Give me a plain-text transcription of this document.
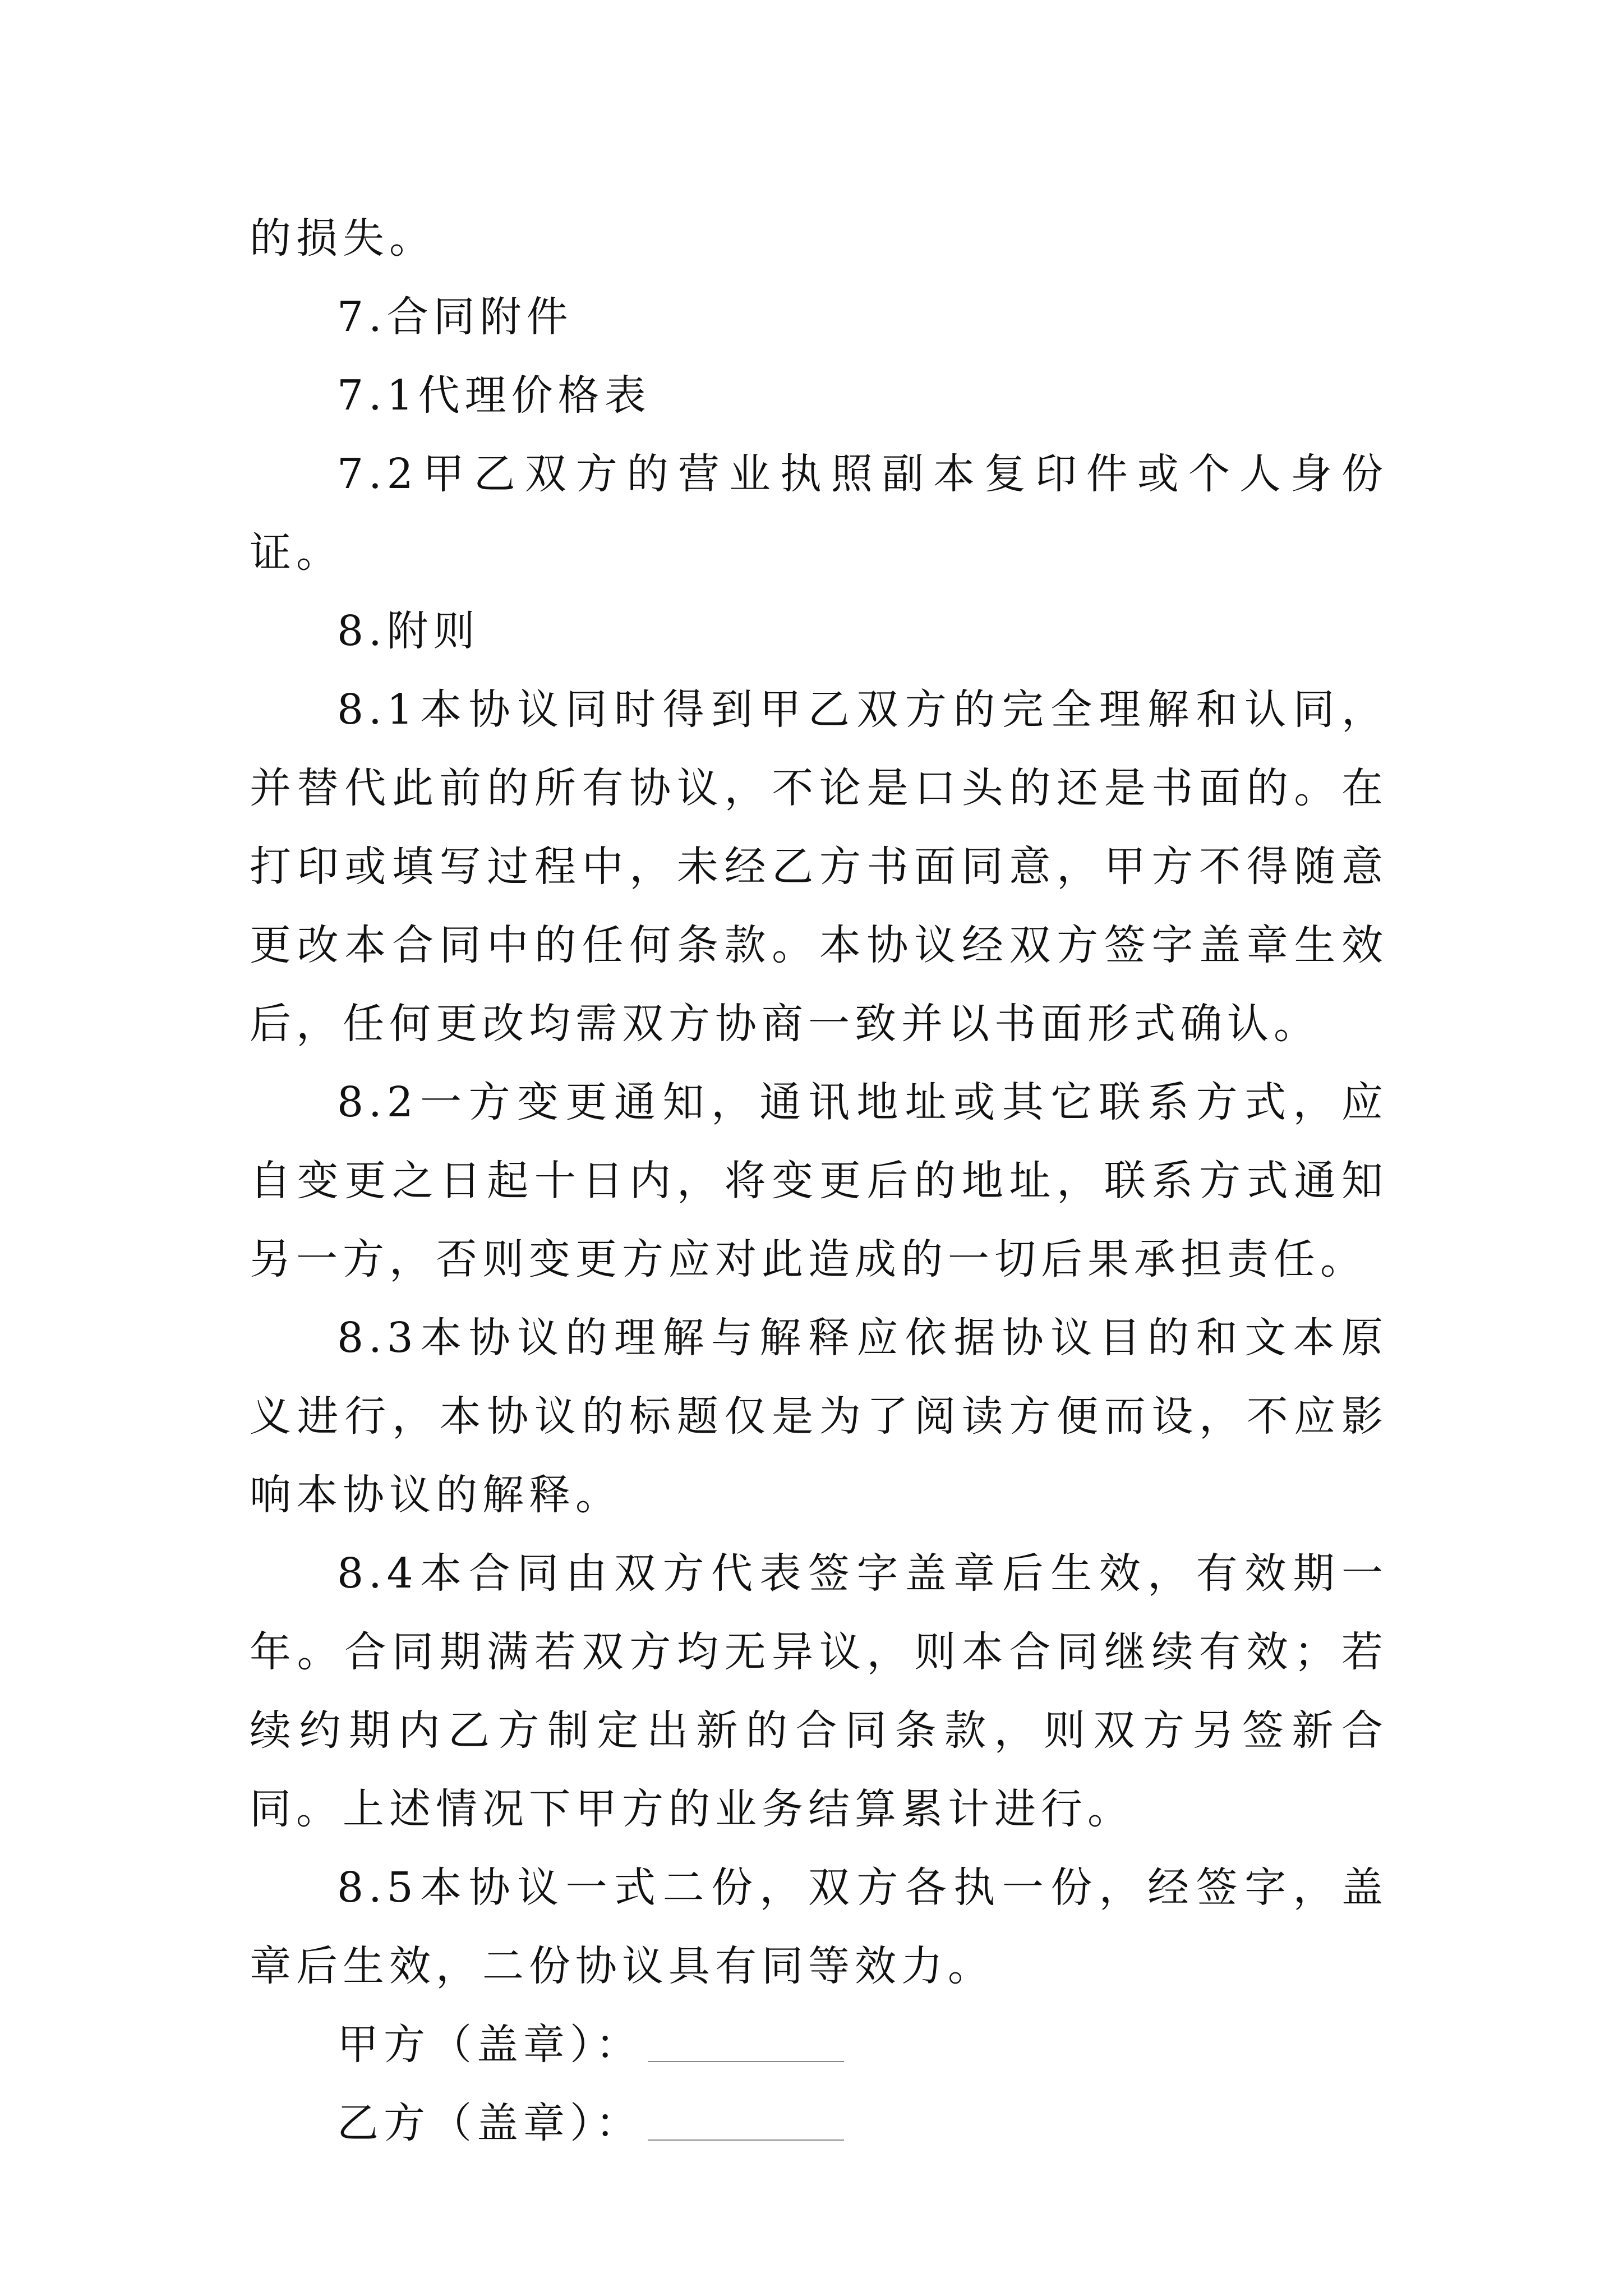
的损失。

7.合同附件

7.1代理价格表

7.2甲乙双方的营业执照副本复印件或个人身份证。

8.附则

8.1本协议同时得到甲乙双方的完全理解和认同，并替代此前的所有协议，不论是口头的还是书面的。在打印或填写过程中，未经乙方书面同意，甲方不得随意更改本合同中的任何条款。本协议经双方签字盖章生效后，任何更改均需双方协商一致并以书面形式确认。

8.2一方变更通知，通讯地址或其它联系方式，应自变更之日起十日内，将变更后的地址，联系方式通知另一方，否则变更方应对此造成的一切后果承担责任。

8.3本协议的理解与解释应依据协议目的和文本原义进行，本协议的标题仅是为了阅读方便而设，不应影响本协议的解释。

8.4本合同由双方代表签字盖章后生效，有效期一年。合同期满若双方均无异议，则本合同继续有效；若续约期内乙方制定出新的合同条款，则双方另签新合同。上述情况下甲方的业务结算累计进行。

8.5本协议一式二份，双方各执一份，经签字，盖章后生效，二份协议具有同等效力。

甲方（盖章）：
乙方（盖章）：
